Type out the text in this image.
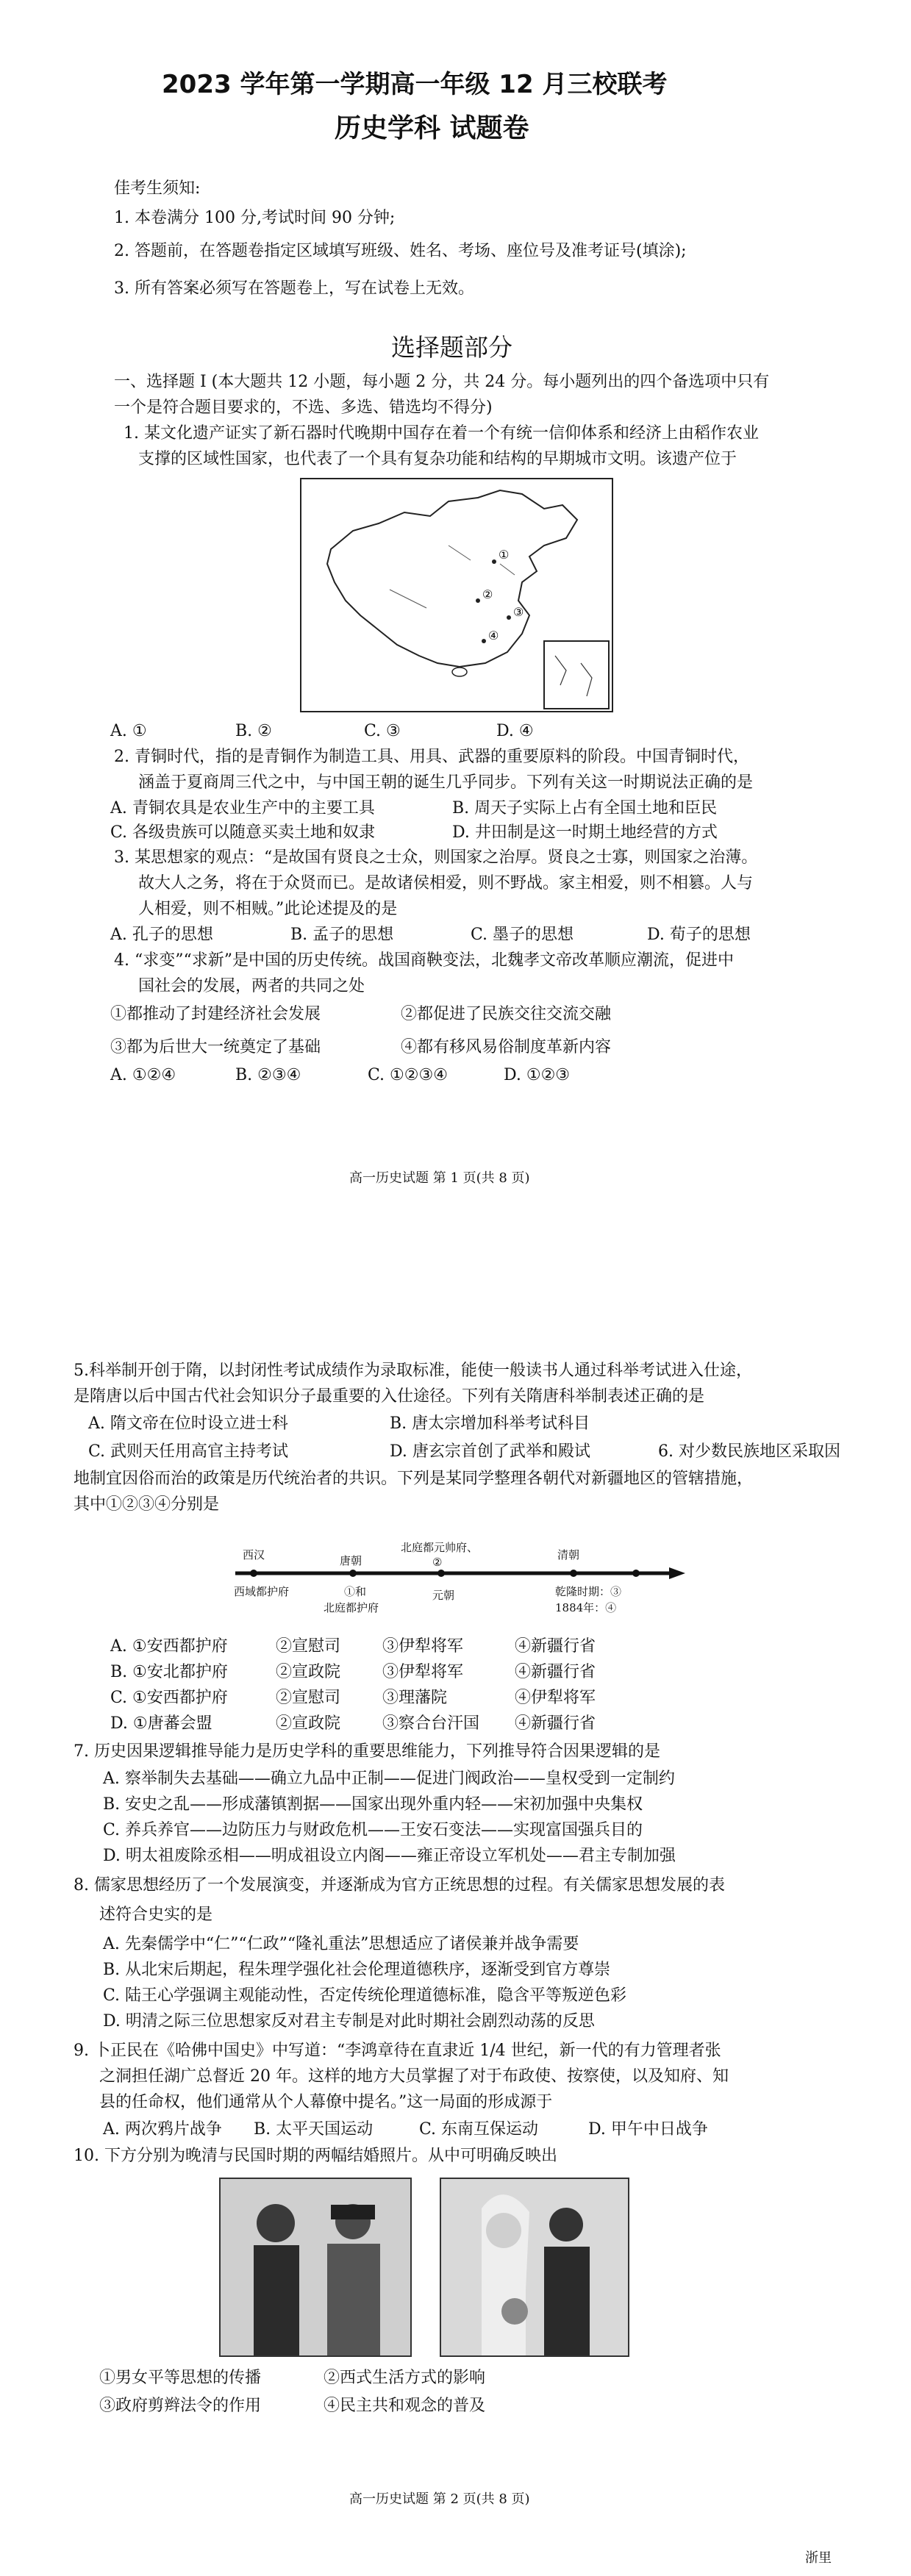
2023 学年第一学期高一年级 12 月三校联考
历史学科 试题卷
佳考生须知:
1. 本卷满分 100 分,考试时间 90 分钟;
2. 答题前，在答题卷指定区域填写班级、姓名、考场、座位号及准考证号(填涂);
3. 所有答案必须写在答题卷上，写在试卷上无效。
选择题部分
一、选择题 I (本大题共 12 小题，每小题 2 分，共 24 分。每小题列出的四个备选项中只有
一个是符合题目要求的，不选、多选、错选均不得分)
1. 某文化遗产证实了新石器时代晚期中国存在着一个有统一信仰体系和经济上由稻作农业
支撑的区域性国家，也代表了一个具有复杂功能和结构的早期城市文明。该遗产位于
①
②
③
④
A. ①	B. ②	C. ③	D. ④
2. 青铜时代，指的是青铜作为制造工具、用具、武器的重要原料的阶段。中国青铜时代，
涵盖于夏商周三代之中，与中国王朝的诞生几乎同步。下列有关这一时期说法正确的是
A. 青铜农具是农业生产中的主要工具	B. 周天子实际上占有全国土地和臣民
C. 各级贵族可以随意买卖土地和奴隶	D. 井田制是这一时期土地经营的方式
3. 某思想家的观点：“是故国有贤良之士众，则国家之治厚。贤良之士寡，则国家之治薄。
故大人之务，将在于众贤而已。是故诸侯相爱，则不野战。家主相爱，则不相篡。人与
人相爱，则不相贼。”此论述提及的是
A. 孔子的思想	B. 孟子的思想	C. 墨子的思想	D. 荀子的思想
4. “求变”“求新”是中国的历史传统。战国商鞅变法，北魏孝文帝改革顺应潮流，促进中
国社会的发展，两者的共同之处
①都推动了封建经济社会发展	②都促进了民族交往交流交融
③都为后世大一统奠定了基础	④都有移风易俗制度革新内容
A. ①②④	B. ②③④	C. ①②③④	D. ①②③
高一历史试题 第 1 页(共 8 页)
5.科举制开创于隋，以封闭性考试成绩作为录取标准，能使一般读书人通过科举考试进入仕途，
是隋唐以后中国古代社会知识分子最重要的入仕途径。下列有关隋唐科举制表述正确的是
A. 隋文帝在位时设立进士科	B. 唐太宗增加科举考试科目
C. 武则天任用高官主持考试	D. 唐玄宗首创了武举和殿试	6. 对少数民族地区采取因
地制宜因俗而治的政策是历代统治者的共识。下列是某同学整理各朝代对新疆地区的管辖措施，
其中①②③④分别是
西汉	唐朝
北庭都元帅府、
②
清朝
西域都护府	①和
北庭都护府
元朝	乾隆时期：③
1884年：④
A. ①安西都护府	②宣慰司	③伊犁将军	④新疆行省
B. ①安北都护府	②宣政院	③伊犁将军	④新疆行省
C. ①安西都护府	②宣慰司	③理藩院	④伊犁将军
D. ①唐蕃会盟	②宣政院	③察合台汗国 ④新疆行省
7. 历史因果逻辑推导能力是历史学科的重要思维能力，下列推导符合因果逻辑的是
A. 察举制失去基础——确立九品中正制——促进门阀政治——皇权受到一定制约
B. 安史之乱——形成藩镇割据——国家出现外重内轻——宋初加强中央集权
C. 养兵养官——边防压力与财政危机——王安石变法——实现富国强兵目的
D. 明太祖废除丞相——明成祖设立内阁——雍正帝设立军机处——君主专制加强
8. 儒家思想经历了一个发展演变，并逐渐成为官方正统思想的过程。有关儒家思想发展的表
述符合史实的是
A. 先秦儒学中“仁”“仁政”“隆礼重法”思想适应了诸侯兼并战争需要
B. 从北宋后期起，程朱理学强化社会伦理道德秩序，逐渐受到官方尊崇
C. 陆王心学强调主观能动性，否定传统伦理道德标准，隐含平等叛逆色彩
D. 明清之际三位思想家反对君主专制是对此时期社会剧烈动荡的反思
9. 卜正民在《哈佛中国史》中写道：“李鸿章待在直隶近 1/4 世纪，新一代的有力管理者张
之洞担任湖广总督近 20 年。这样的地方大员掌握了对于布政使、按察使，以及知府、知
县的任命权，他们通常从个人幕僚中提名。”这一局面的形成源于
A. 两次鸦片战争 B. 太平天国运动	C. 东南互保运动	D. 甲午中日战争
10. 下方分别为晚清与民国时期的两幅结婚照片。从中可明确反映出
①男女平等思想的传播	②西式生活方式的影响
③政府剪辫法令的作用	④民主共和观念的普及
高一历史试题 第 2 页(共 8 页)
浙里
